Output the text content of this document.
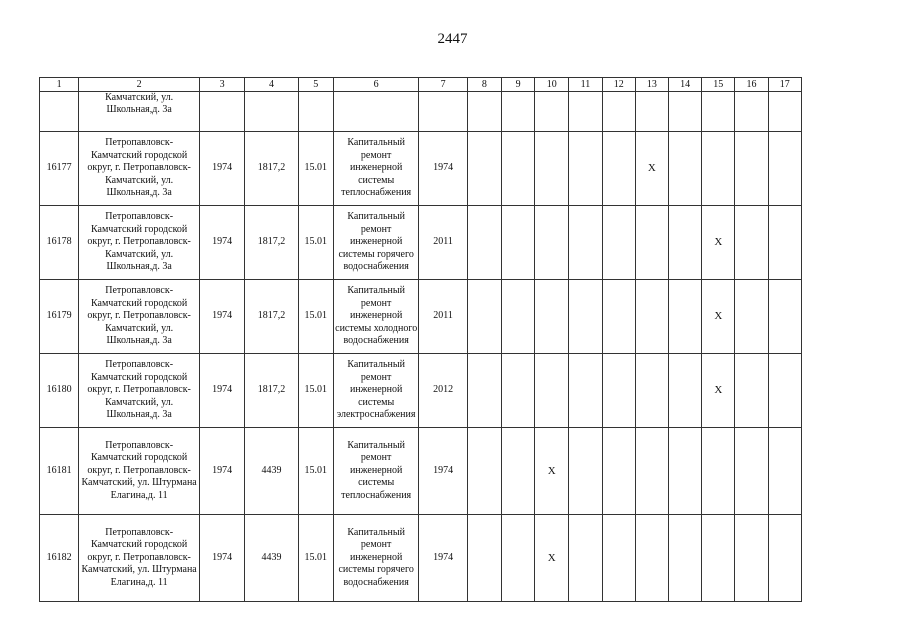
2447
1	2	3	4	5	6	7	8	9	10	11	12	13	14	15	16	17
	Камчатский, ул. Школьная,д. 3а															
16177	Петропавловск-Камчатский городской округ, г. Петропавловск-Камчатский, ул. Школьная,д. 3а	1974	1817,2	15.01	Капитальный ремонт инженерной системы теплоснабжения	1974						X				
16178	Петропавловск-Камчатский городской округ, г. Петропавловск-Камчатский, ул. Школьная,д. 3а	1974	1817,2	15.01	Капитальный ремонт инженерной системы горячего водоснабжения	2011								X		
16179	Петропавловск-Камчатский городской округ, г. Петропавловск-Камчатский, ул. Школьная,д. 3а	1974	1817,2	15.01	Капитальный ремонт инженерной системы холодного водоснабжения	2011								X		
16180	Петропавловск-Камчатский городской округ, г. Петропавловск-Камчатский, ул. Школьная,д. 3а	1974	1817,2	15.01	Капитальный ремонт инженерной системы электроснабжения	2012								X		
16181	Петропавловск-Камчатский городской округ, г. Петропавловск-Камчатский, ул. Штурмана Елагина,д. 11	1974	4439	15.01	Капитальный ремонт инженерной системы теплоснабжения	1974			X							
16182	Петропавловск-Камчатский городской округ, г. Петропавловск-Камчатский, ул. Штурмана Елагина,д. 11	1974	4439	15.01	Капитальный ремонт инженерной системы горячего водоснабжения	1974			X							
